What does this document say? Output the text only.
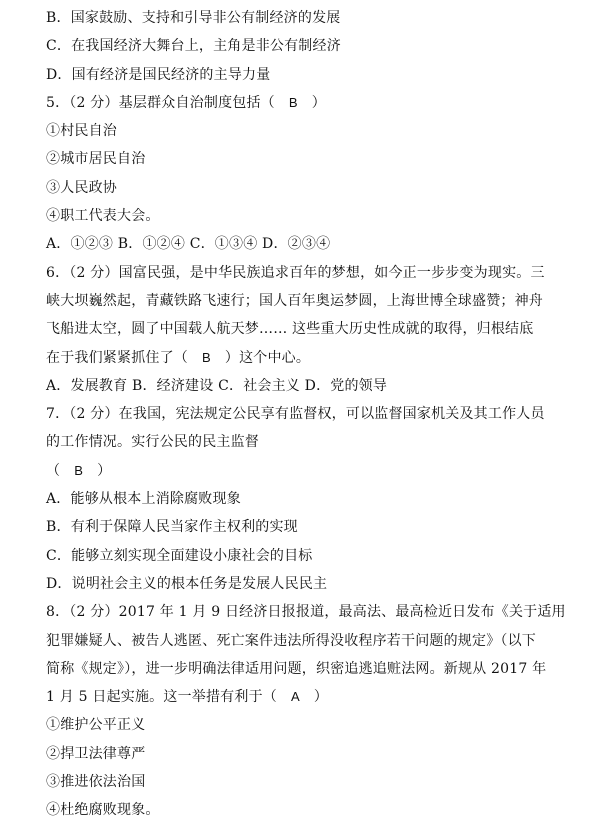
B．国家鼓励、支持和引导非公有制经济的发展
C．在我国经济大舞台上，主角是非公有制经济
D．国有经济是国民经济的主导力量
5．（2 分）基层群众自治制度包括（ B ）
①村民自治
②城市居民自治
③人民政协
④职工代表大会。
A．①②③ B．①②④ C．①③④ D．②③④
6．（2 分）国富民强，是中华民族追求百年的梦想，如今正一步步变为现实。三
峡大坝巍然起，青藏铁路飞速行；国人百年奥运梦圆，上海世博全球盛赞；神舟
飞船进太空，圆了中国载人航天梦…… 这些重大历史性成就的取得，归根结底
在于我们紧紧抓住了（ B ）这个中心。
A．发展教育 B．经济建设 C．社会主义 D．党的领导
7．（2 分）在我国，宪法规定公民享有监督权，可以监督国家机关及其工作人员
的工作情况。实行公民的民主监督
（ B ）
A．能够从根本上消除腐败现象
B．有利于保障人民当家作主权利的实现
C．能够立刻实现全面建设小康社会的目标
D．说明社会主义的根本任务是发展人民民主
8．（2 分）2017 年 1 月 9 日经济日报报道，最高法、最高检近日发布《关于适用
犯罪嫌疑人、被告人逃匿、死亡案件违法所得没收程序若干问题的规定》（以下
简称《规定》），进一步明确法律适用问题，织密追逃追赃法网。新规从 2017 年
1 月 5 日起实施。这一举措有利于（ A ）
①维护公平正义
②捍卫法律尊严
③推进依法治国
④杜绝腐败现象。
